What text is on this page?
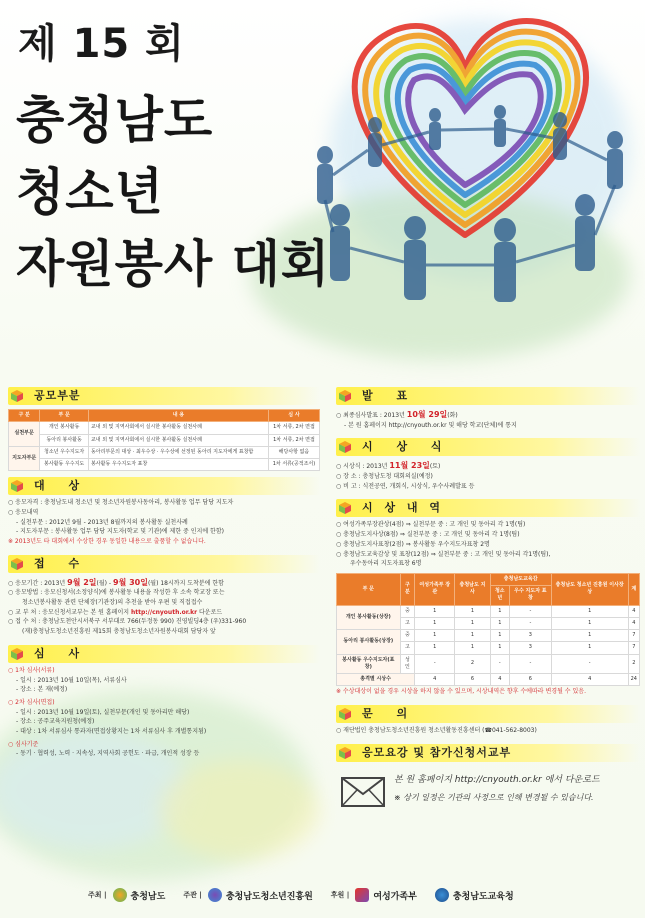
제 15 회
충청남도
청소년
자원봉사 대회
공모부분
구 분	부 문	내 용	심 사
실천부문	개인 봉사활동	교내 외 및 지역사회에서 실시한 봉사활동 실천사례	1차 서류, 2차 면접
	동아리 봉사활동	교내 외 및 지역사회에서 실시한 봉사활동 실천사례	1차 서류, 2차 면접
지도자부문	청소년 우수지도자	동아리부문의 대상 · 최우수상 · 우수상에 선정된 동아리 지도자에게 표창함	해당사항 없음
	봉사활동 우수지도	봉사활동 우수지도자 표창	1차 서류(공적조서)
대 상
○ 응모자격 : 충청남도내 청소년 및 청소년자원봉사동아리, 봉사활동 업무 담당 지도자
○ 응모내역
- 실천부문 : 2012년 9월 - 2013년 8월까지의 봉사활동 실천사례
- 지도자부문 : 봉사활동 업무 담당 지도자(학교 및 기관)에 제한 중 인지에 한함)
※ 2013년도 타 대회에서 수상한 경우 동일한 내용으로 출품할 수 없습니다.
접 수
○ 응모기간 : 2013년 9월 2일(월) - 9월 30일(월) 18시까지 도착분에 한함
○ 응모방법 : 응모신청서(소정양식)에 봉사활동 내용을 작성한 후 소속 학교장 또는
청소년봉사활동 관련 단체장(기관장)의 추천을 받아 우편 및 직접접수
○ 교 부 처 : 응모신청서교부는 본 원 홈페이지 http://cnyouth.or.kr 다운로드
○ 접 수 처 : 충청남도천안시서북구 서부대로 766(두정동 990) 진영빌딩4층 (우)331-960
(재)충청남도청소년진흥원 제15회 충청남도청소년자원봉사대회 담당자 앞
심 사
○ 1차 심사(서류)
- 일시 : 2013년 10월 10일(목), 서류심사
- 장소 : 본 재(예정)
○ 2차 심사(면접)
- 일시 : 2013년 10월 19일(토), 실천부문(개인 및 동아리만 해당)
- 장소 : 공주교육지원청(예정)
- 대상 : 1차 서류심사 통과자(면접상황지는 1차 서류심사 후 개별통지됨)
○ 심사기준
- 동기 · 협력성, 노력 · 지속성, 지역사회 공헌도 · 파급, 개인적 성장 등
발 표
○ 최종심사발표 : 2013년 10월 29일(화)
- 본 원 홈페이지 http://cnyouth.or.kr 및 해당 학교(단체)에 통지
시 상 식
○ 시상식 : 2013년 11월 23일(토)
○ 장 소 : 충청남도청 대회의실(예정)
○ 비 고 : 식전공연, 개회식, 시상식, 우수사례발표 등
시 상 내 역
○ 여성가족부장관상(4점) ⇒ 실천부문 중 : 고 개인 및 동아리 각 1명(팀)
○ 충청남도지사상(8점) ⇒ 실천부문 중 : 고 개인 및 동아리 각 1명(팀)
○ 충청남도지사표창(2점) ⇒ 봉사활동 우수지도자표창 2명
○ 충청남도교육감상 및 표창(12점) ⇒ 실천부문 중 : 고 개인 및 동아리 각1명(팀),
우수동아리 지도자표창 6명
부 문	구분	여성가족부 장관	충청남도 지사	충청남도교육감		충청남도 청소년 진흥원 이사장상	계
				청소년	우수 지도자 표창		
개인 봉사활동(상장)	중	1	1	1	-	1	4
	고	1	1	1	-	1	4
동아리 봉사활동(상장)	중	1	1	1	3	1	7
	고	1	1	1	3	1	7
봉사활동 우수지도자(표창)	성인	-	2	-	-	-	2
총격별 시상수		4	6	4	6	4	24
※ 수상대상이 없을 경우 시상을 하지 않을 수 있으며, 시상내역은 향후 수에따라 변경될 수 있음.
문 의
○ 재단법인 충청남도청소년진흥원 청소년활동진흥센터 (☎041-562-8003)
응모요강 및 참가신청서교부
본 원 홈페이지 http://cnyouth.or.kr 에서 다운로드
※ 상기 일정은 기관의 사정으로 인해 변경될 수 있습니다.
주최 |	충청남도	주관 |	충청남도청소년진흥원	후원 |	여성가족부	충청남도교육청
